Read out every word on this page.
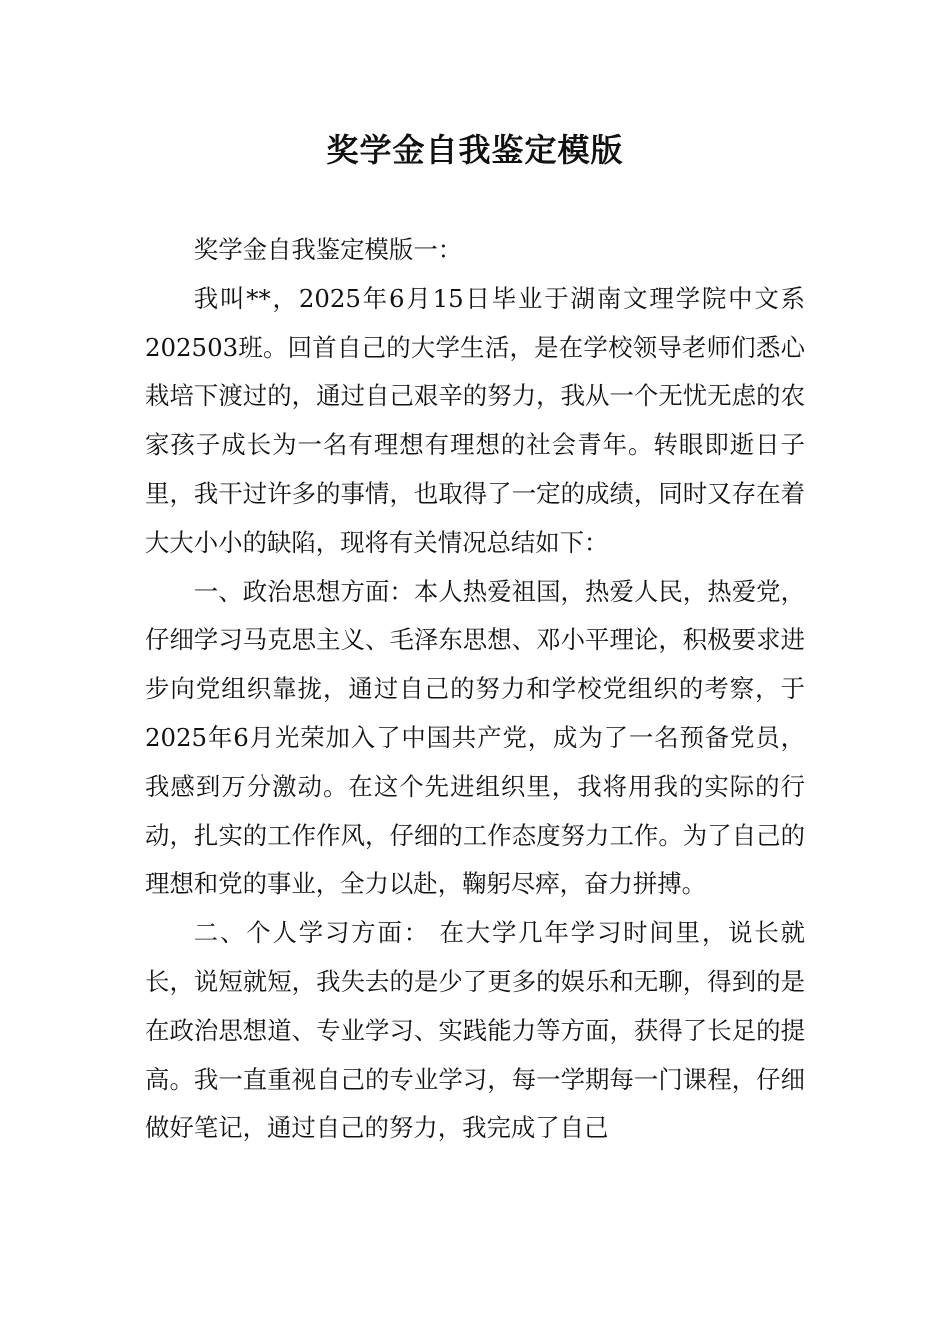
奖学金自我鉴定模版

奖学金自我鉴定模版一：

我叫**，2025年6月15日毕业于湖南文理学院中文系202503班。回首自己的大学生活，是在学校领导老师们悉心栽培下渡过的，通过自己艰辛的努力，我从一个无忧无虑的农家孩子成长为一名有理想有理想的社会青年。转眼即逝日子里，我干过许多的事情，也取得了一定的成绩，同时又存在着大大小小的缺陷，现将有关情况总结如下：

一、政治思想方面：本人热爱祖国，热爱人民，热爱党，仔细学习马克思主义、毛泽东思想、邓小平理论，积极要求进步向党组织靠拢，通过自己的努力和学校党组织的考察，于2025年6月光荣加入了中国共产党，成为了一名预备党员，我感到万分激动。在这个先进组织里，我将用我的实际的行动，扎实的工作作风，仔细的工作态度努力工作。为了自己的理想和党的事业，全力以赴，鞠躬尽瘁，奋力拼搏。

二、个人学习方面： 在大学几年学习时间里，说长就长，说短就短，我失去的是少了更多的娱乐和无聊，得到的是在政治思想道、专业学习、实践能力等方面，获得了长足的提高。我一直重视自己的专业学习，每一学期每一门课程，仔细做好笔记，通过自己的努力，我完成了自己
